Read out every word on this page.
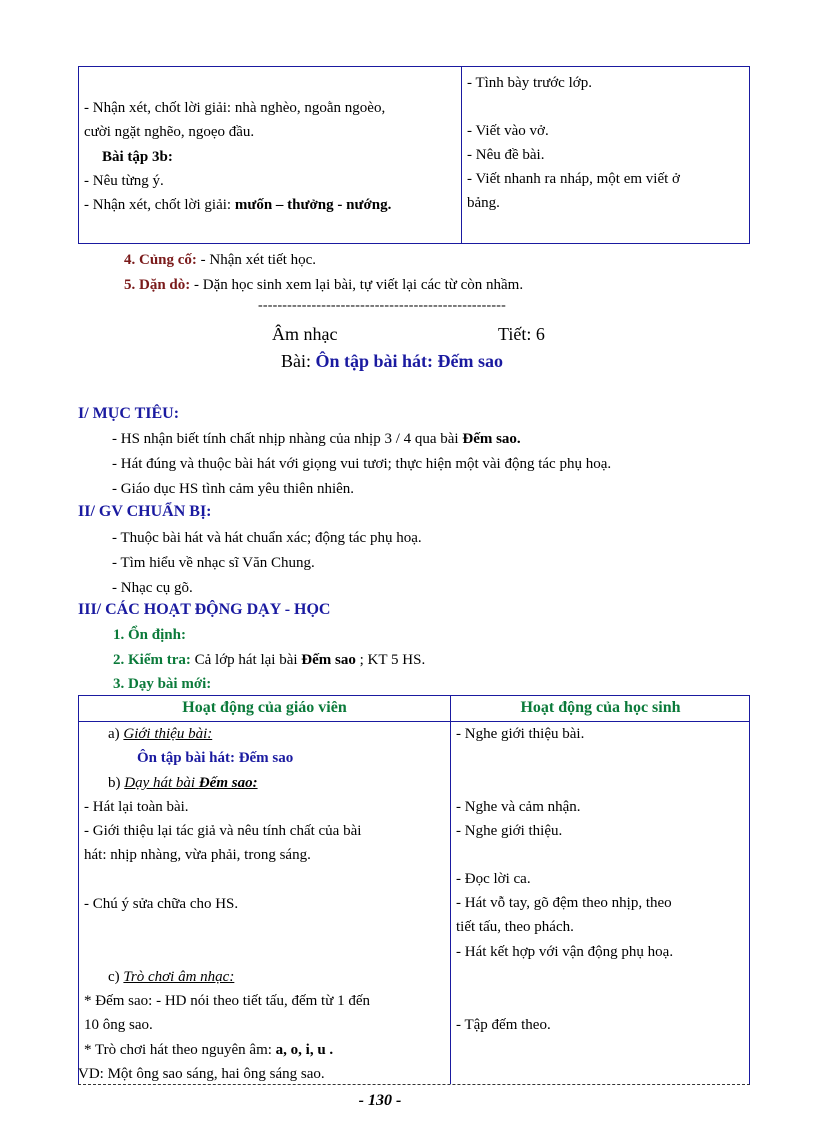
- Nhận xét, chốt lời giải: nhà nghèo, ngoằn ngoèo,
cười ngặt nghẽo, ngoẹo đầu.
Bài tập 3b:
- Nêu từng ý.
- Nhận xét, chốt lời giải: mưốn – thưởng - nướng.
- Tình bày trước lớp.
- Viết vào vở.
- Nêu đề bài.
- Viết nhanh ra nháp, một em viết ở
bảng.
4. Củng cố: - Nhận xét tiết học.
5. Dặn dò: - Dặn học sinh xem lại bài, tự viết lại các từ còn nhầm.
---------------------------------------------------
Âm nhạc	Tiết: 6
Bài: Ôn tập bài hát: Đếm sao
I/ MỤC TIÊU:
- HS nhận biết tính chất nhịp nhàng của nhịp 3 / 4 qua bài Đếm sao.
- Hát đúng và thuộc bài hát với giọng vui tươi; thực hiện một vài động tác phụ hoạ.
- Giáo dục HS tình cảm yêu thiên nhiên.
II/ GV CHUẨN BỊ:
- Thuộc bài hát và hát chuẩn xác; động tác phụ hoạ.
- Tìm hiểu về nhạc sĩ Văn Chung.
- Nhạc cụ gõ.
III/ CÁC HOẠT ĐỘNG DẠY - HỌC
1. Ổn định:
2. Kiểm tra: Cả lớp hát lại bài Đếm sao ; KT 5 HS.
3. Dạy bài mới:
Hoạt động của giáo viên	Hoạt động của học sinh
a) Giới thiệu bài:
Ôn tập bài hát: Đếm sao
b) Dạy hát bài Đếm sao:
- Hát lại toàn bài.
- Giới thiệu lại tác giả và nêu tính chất của bài
hát: nhịp nhàng, vừa phải, trong sáng.
- Chú ý sửa chữa cho HS.
c) Trò chơi âm nhạc:
* Đếm sao: - HD nói theo tiết tấu, đếm từ 1 đến
10 ông sao.
* Trò chơi hát theo nguyên âm: a, o, i, u .
VD: Một ông sao sáng, hai ông sáng sao.
- Nghe giới thiệu bài.
- Nghe và cảm nhận.
- Nghe giới thiệu.
- Đọc lời ca.
- Hát vỗ tay, gõ đệm theo nhịp, theo
tiết tấu, theo phách.
- Hát kết hợp với vận động phụ hoạ.
- Tập đếm theo.
- 130 -
